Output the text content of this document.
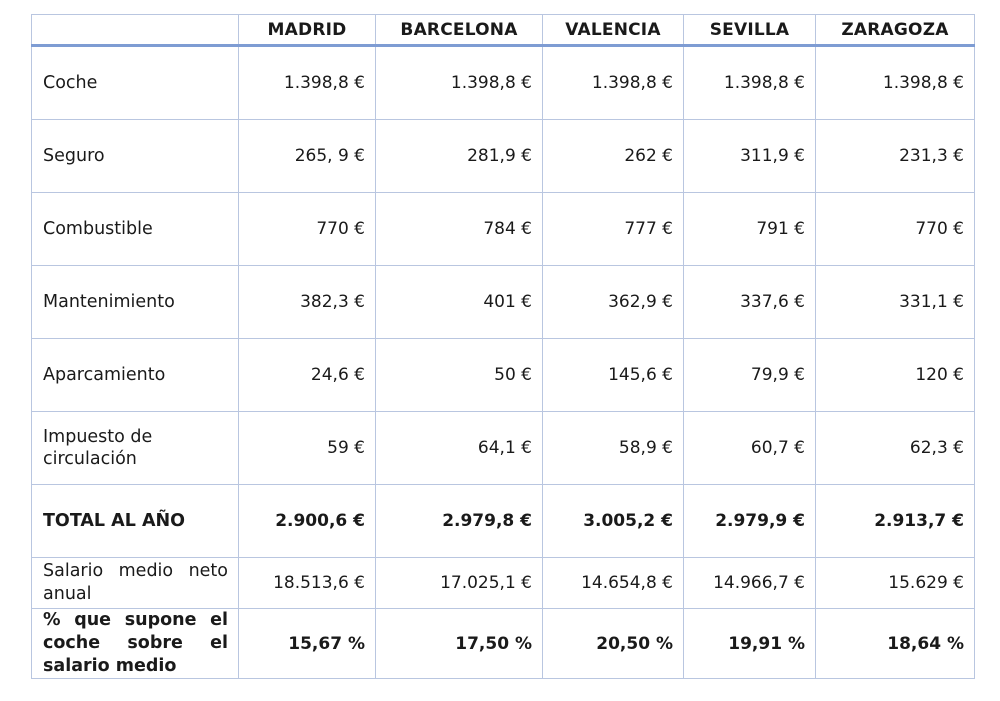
	MADRID	BARCELONA	VALENCIA	SEVILLA	ZARAGOZA
Coche	1.398,8 €	1.398,8 €	1.398,8 €	1.398,8 €	1.398,8 €
Seguro	265, 9 €	281,9 €	262 €	311,9 €	231,3 €
Combustible	770 €	784 €	777 €	791 €	770 €
Mantenimiento	382,3 €	401 €	362,9 €	337,6 €	331,1 €
Aparcamiento	24,6 €	50 €	145,6 €	79,9 €	120 €
Impuesto de circulación	59 €	64,1 €	58,9 €	60,7 €	62,3 €
TOTAL AL AÑO	2.900,6 €	2.979,8 €	3.005,2 €	2.979,9 €	2.913,7 €
Salario medio neto anual	18.513,6 €	17.025,1 €	14.654,8 €	14.966,7 €	15.629 €
% que supone el coche sobre el salario medio	15,67 %	17,50 %	20,50 %	19,91 %	18,64 %
